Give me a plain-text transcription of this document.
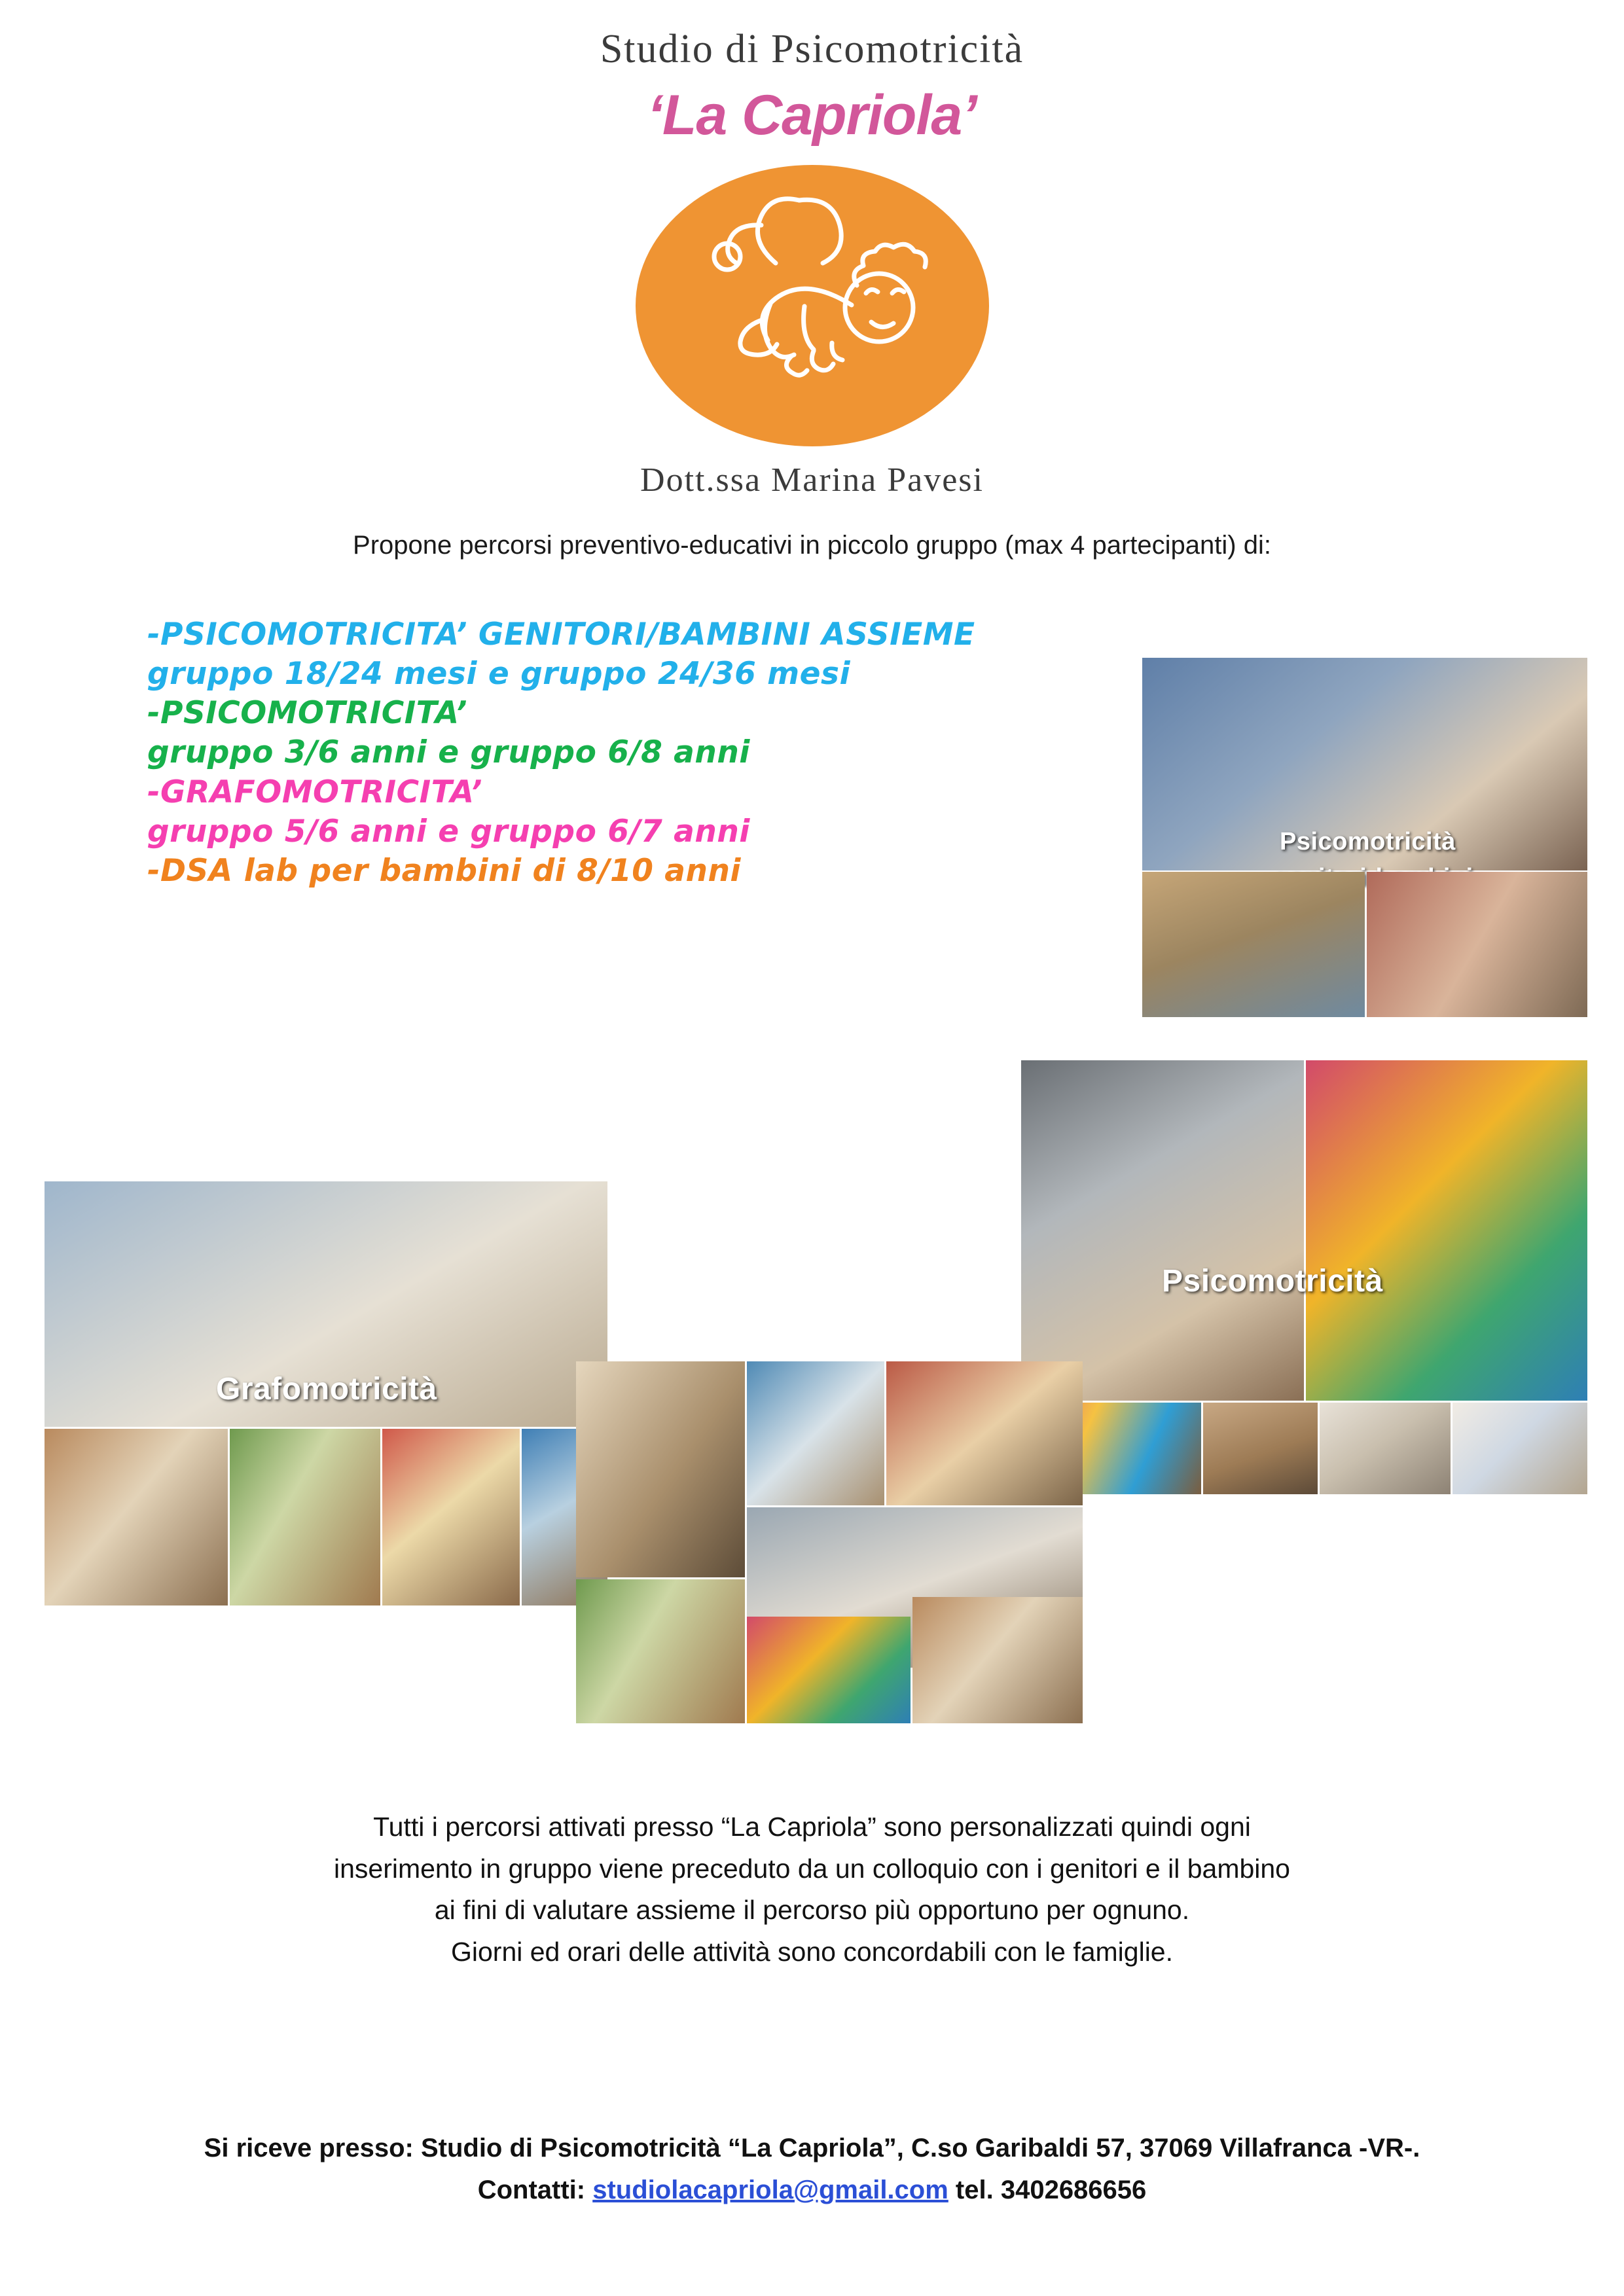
Studio di Psicomotricità
‘La Capriola’
Dott.ssa Marina Pavesi
Propone percorsi preventivo-educativi in piccolo gruppo (max 4 partecipanti) di:
-PSICOMOTRICITA’ GENITORI/BAMBINI ASSIEME
gruppo 18/24 mesi e gruppo 24/36 mesi
-PSICOMOTRICITA’
gruppo 3/6 anni e gruppo 6/8 anni
-GRAFOMOTRICITA’
gruppo 5/6 anni e gruppo 6/7 anni
-DSA lab per bambini di 8/10 anni
Psicomotricità
Psicomotricità
Grafomotricità
Tutti i percorsi attivati presso “La Capriola” sono personalizzati quindi ogni
inserimento in gruppo viene preceduto da un colloquio con i genitori e il bambino
ai fini di valutare assieme il percorso più opportuno per ognuno.
Giorni ed orari delle attività sono concordabili con le famiglie.
Si riceve presso: Studio di Psicomotricità “La Capriola”, C.so Garibaldi 57, 37069 Villafranca -VR-.
Contatti: studiolacapriola@gmail.com tel. 3402686656
